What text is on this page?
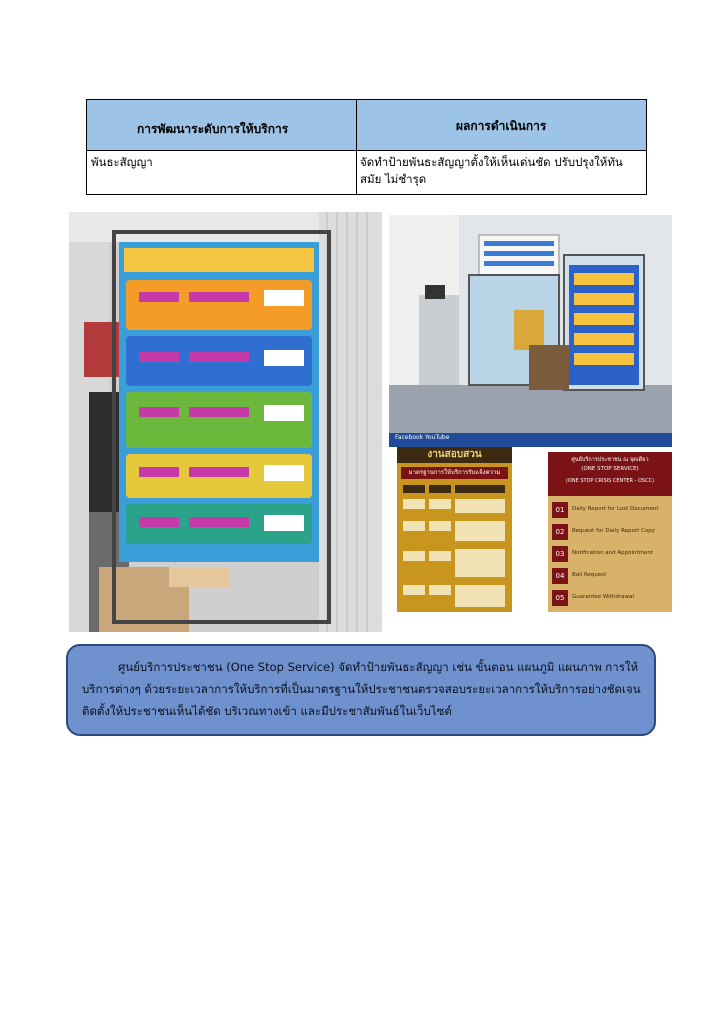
การพัฒนาระดับการให้บริการ	ผลการดำเนินการ
พันธะสัญญา	จัดทำป้ายพันธะสัญญาตั้งให้เห็นเด่นชัด ปรับปรุงให้ทันสมัย ไม่ชำรุด
Facebook YouTube
งานสอบสวน
มาตรฐานการให้บริการรับแจ้งความ
ศูนย์บริการประชาชน ณ จุดเดียว
(ONE STOP SERVICE)
(ONE STOP CRISIS CENTER - OSCC)
01	Daily Report for Lost Document
02	Request for Daily Report Copy
03	Notification and Appointment
04	Bail Request
05	Guarantee Withdrawal
ศูนย์บริการประชาชน (One Stop Service) จัดทำป้ายพันธะสัญญา เช่น ขั้นตอน แผนภูมิ แผนภาพ การให้บริการต่างๆ ด้วยระยะเวลาการให้บริการที่เป็นมาตรฐานให้ประชาชนตรวจสอบระยะเวลาการให้บริการอย่างชัดเจน ติดตั้งให้ประชาชนเห็นได้ชัด บริเวณทางเข้า และมีประชาสัมพันธ์ในเว็บไซต์
